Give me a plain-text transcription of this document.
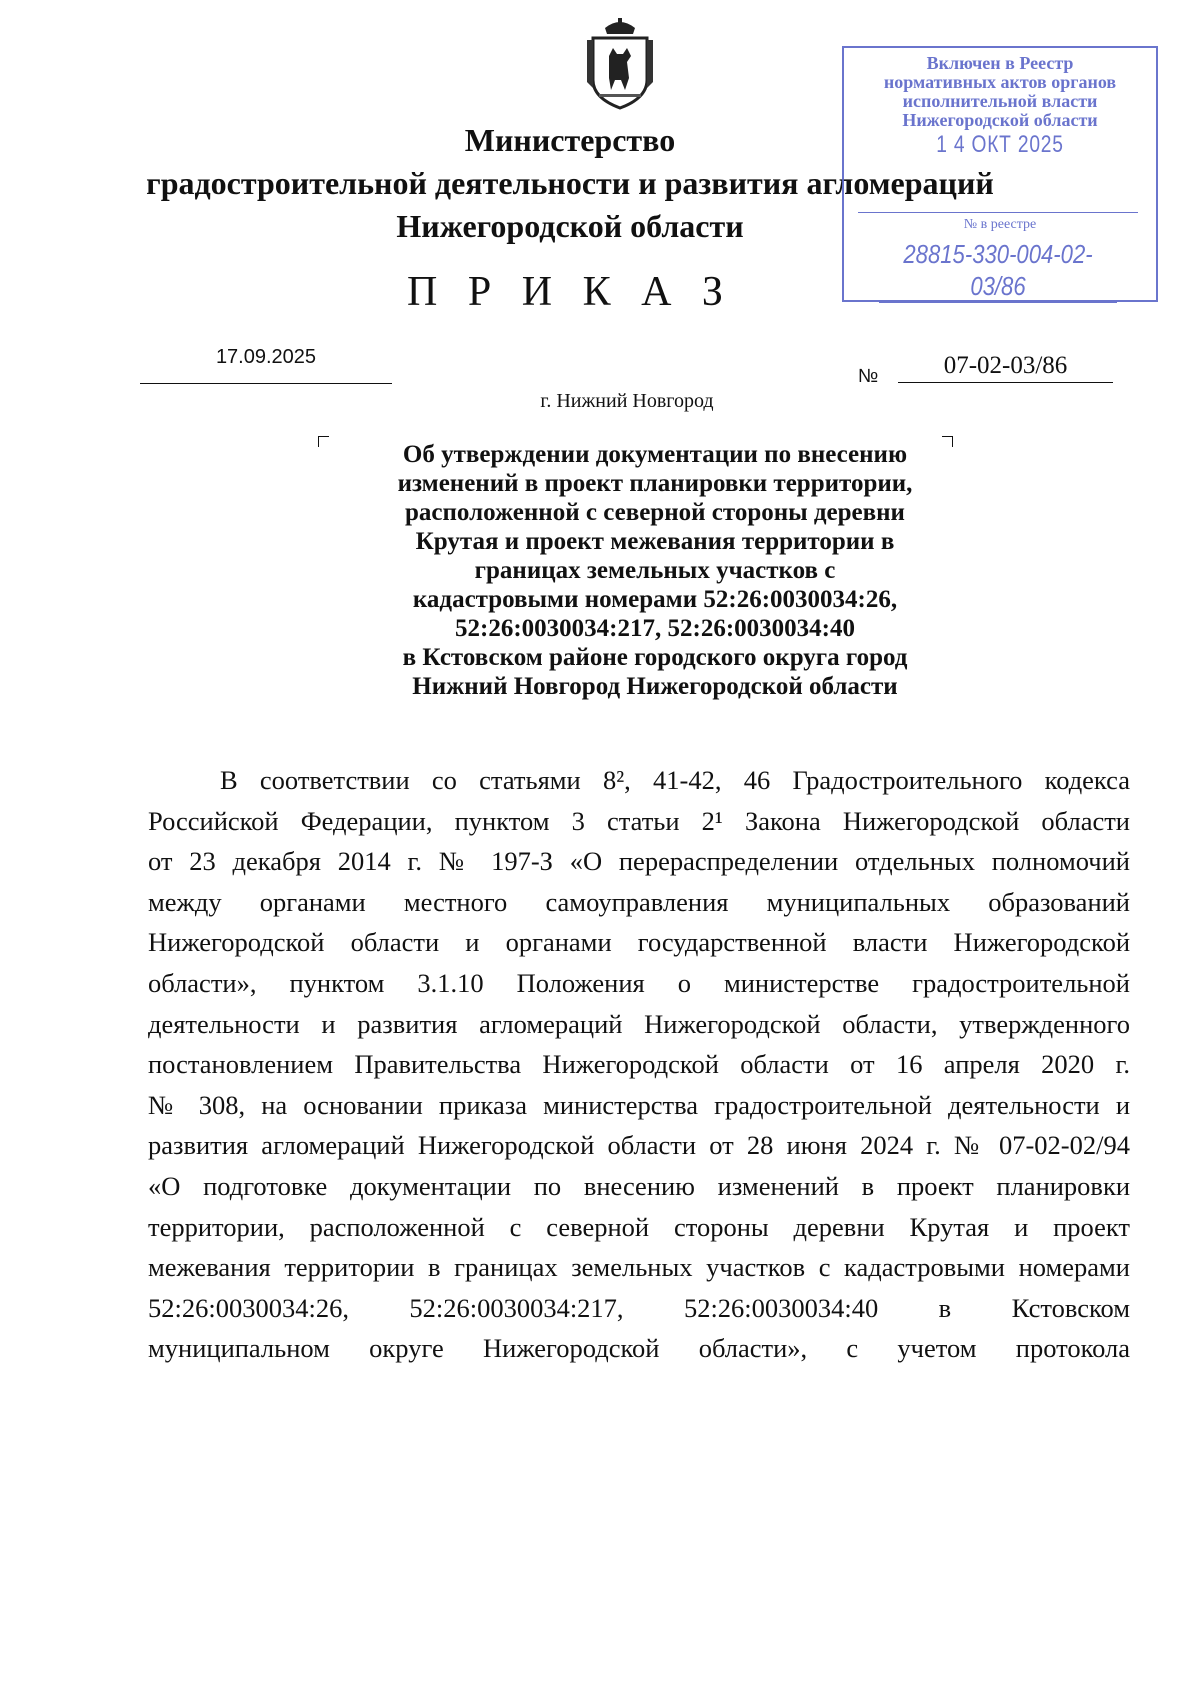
Министерство
градостроительной деятельности и развития агломераций
Нижегородской области
Включен в Реестр
нормативных актов органов
исполнительной власти
Нижегородской области
1 4 ОКТ 2025
№ в реестре
28815-330-004-02-03/86
П Р И К А З
17.09.2025
№	07-02-03/86
г. Нижний Новгород
Об утверждении документации по внесению
изменений в проект планировки территории,
расположенной с северной стороны деревни
Крутая и проект межевания территории в
границах земельных участков с
кадастровыми номерами 52:26:0030034:26,
52:26:0030034:217, 52:26:0030034:40
в Кстовском районе городского округа город
Нижний Новгород Нижегородской области
В соответствии со статьями 8², 41-42, 46 Градостроительного кодекса
Российской Федерации, пунктом 3 статьи 2¹ Закона Нижегородской области
от 23 декабря 2014 г. № 197-З «О перераспределении отдельных полномочий
между органами местного самоуправления муниципальных образований
Нижегородской области и органами государственной власти Нижегородской
области», пунктом 3.1.10 Положения о министерстве градостроительной
деятельности и развития агломераций Нижегородской области, утвержденного
постановлением Правительства Нижегородской области от 16 апреля 2020 г.
№ 308, на основании приказа министерства градостроительной деятельности и
развития агломераций Нижегородской области от 28 июня 2024 г. № 07-02-02/94
«О подготовке документации по внесению изменений в проект планировки
территории, расположенной с северной стороны деревни Крутая и проект
межевания территории в границах земельных участков с кадастровыми номерами
52:26:0030034:26, 52:26:0030034:217, 52:26:0030034:40 в Кстовском
муниципальном округе Нижегородской области», с учетом протокола
